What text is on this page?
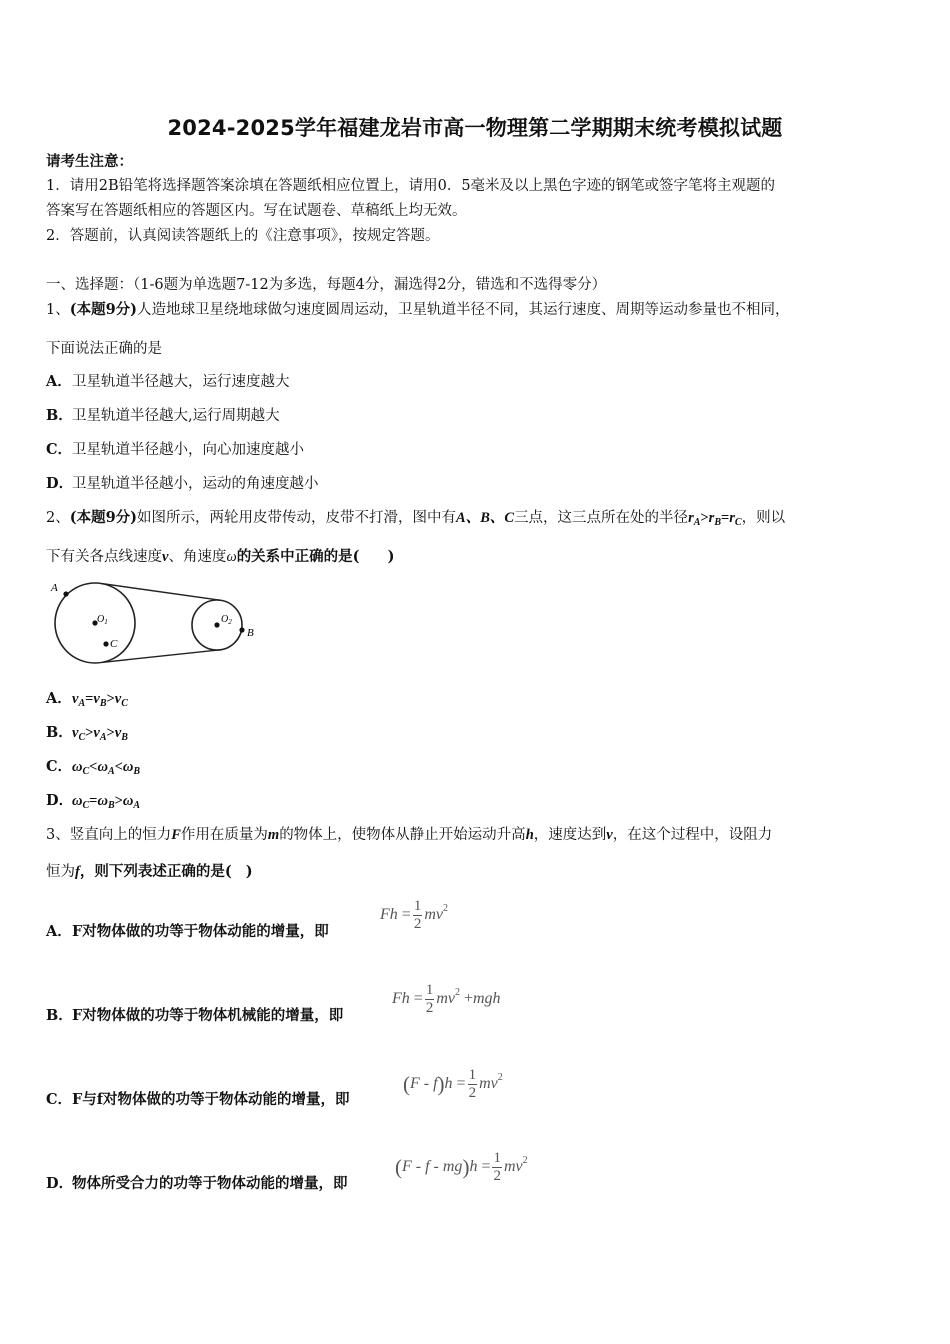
2024-2025学年福建龙岩市高一物理第二学期期末统考模拟试题
请考生注意：
1．请用2B铅笔将选择题答案涂填在答题纸相应位置上，请用0．5毫米及以上黑色字迹的钢笔或签字笔将主观题的
答案写在答题纸相应的答题区内。写在试题卷、草稿纸上均无效。
2．答题前，认真阅读答题纸上的《注意事项》，按规定答题。
一、选择题：（1-6题为单选题7-12为多选，每题4分，漏选得2分，错选和不选得零分）
1、(本题9分)人造地球卫星绕地球做匀速度圆周运动，卫星轨道半径不同，其运行速度、周期等运动参量也不相同，
下面说法正确的是
A．卫星轨道半径越大，运行速度越大
B．卫星轨道半径越大,运行周期越大
C．卫星轨道半径越小，向心加速度越小
D．卫星轨道半径越小，运动的角速度越小
2、(本题9分)如图所示，两轮用皮带传动，皮带不打滑，图中有A、B、C三点，这三点所在处的半径$r_A>r_B=r_C$，则以
下有关各点线速度v、角速度ω的关系中正确的是( )
A
$O_1$
C
$O_2$
B
A．$v_A=v_B>v_C$
B．$v_C>v_A>v_B$
C．$\omega_C<\omega_A<\omega_B$
D．$\omega_C=\omega_B>\omega_A$
3、竖直向上的恒力F作用在质量为m的物体上，使物体从静止开始运动升高h，速度达到v，在这个过程中，设阻力
恒为f，则下列表述正确的是( )
A．F对物体做的功等于物体动能的增量，即
$Fh = \frac{1}{2} mv^2$
B．F对物体做的功等于物体机械能的增量，即
$Fh = \frac{1}{2} mv^2 +mgh$
C．F与f对物体做的功等于物体动能的增量，即
$(F - f)h = \frac{1}{2} mv^2$
D．物体所受合力的功等于物体动能的增量，即
$(F - f - mg)h = \frac{1}{2} mv^2$
